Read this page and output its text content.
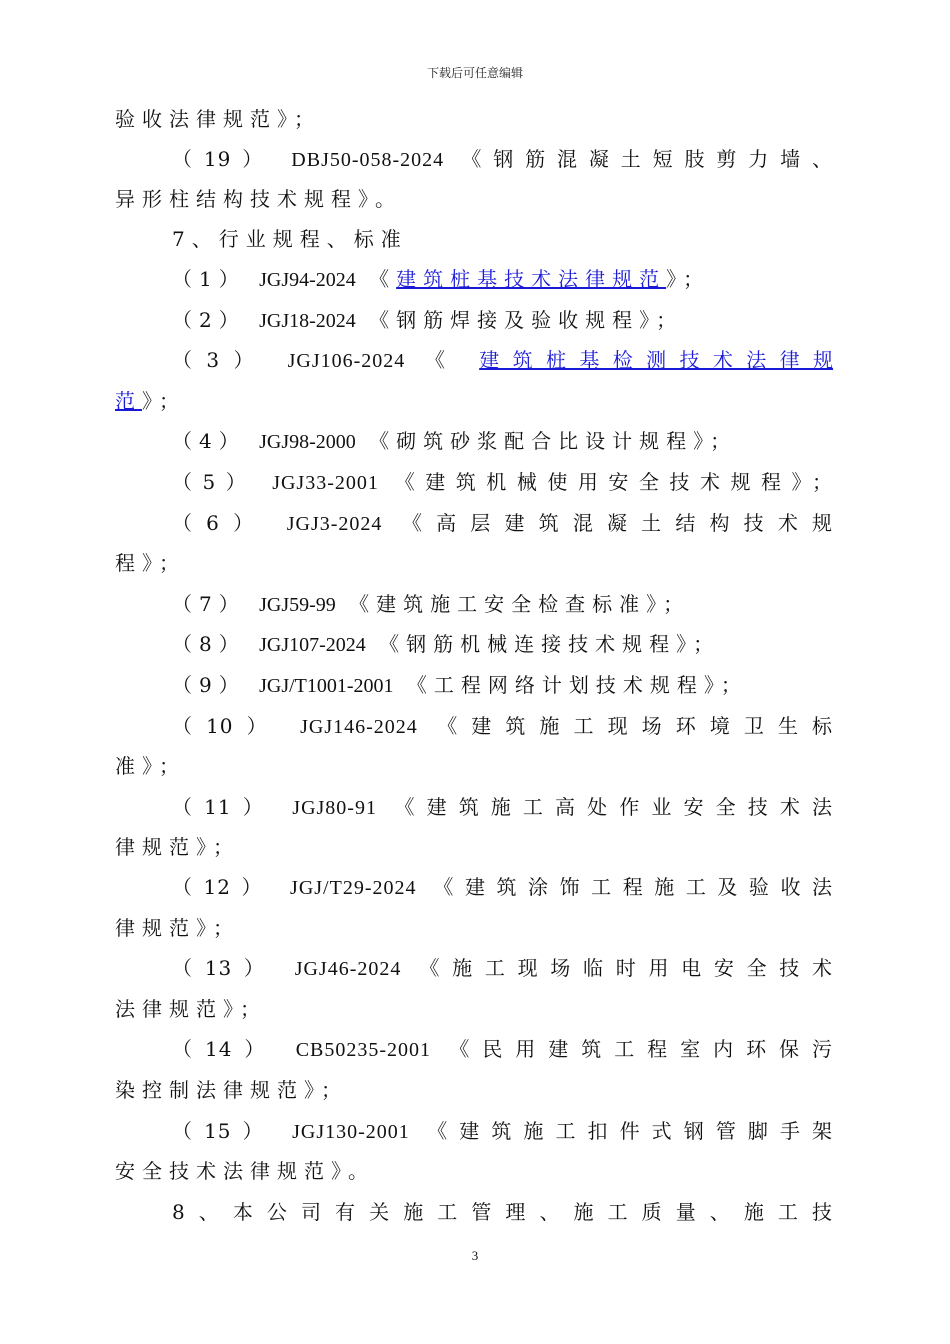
下载后可任意编辑
验收法律规范》；
（19） DBJ50-058-2024 《钢筋混凝土短肢剪力墙、
异形柱结构技术规程》。
7、行业规程、标准
（1） JGJ94-2024 《建筑桩基技术法律规范》；
（2） JGJ18-2024 《钢筋焊接及验收规程》；
（3） JGJ106-2024 《 建筑桩基检测技术法律规
范》；
（4） JGJ98-2000 《砌筑砂浆配合比设计规程》；
（5） JGJ33-2001 《建筑机械使用安全技术规程》；
（6） JGJ3-2024 《高层建筑混凝土结构技术规
程》；
（7） JGJ59-99 《建筑施工安全检查标准》；
（8） JGJ107-2024 《钢筋机械连接技术规程》；
（9） JGJ/T1001-2001 《工程网络计划技术规程》；
（10） JGJ146-2024 《建筑施工现场环境卫生标
准》；
（11） JGJ80-91 《建筑施工高处作业安全技术法
律规范》；
（12） JGJ/T29-2024 《建筑涂饰工程施工及验收法
律规范》；
（13） JGJ46-2024 《施工现场临时用电安全技术
法律规范》；
（14） CB50235-2001 《民用建筑工程室内环保污
染控制法律规范》；
（15） JGJ130-2001 《建筑施工扣件式钢管脚手架
安全技术法律规范》。
8、本公司有关施工管理、施工质量、施工技
3
